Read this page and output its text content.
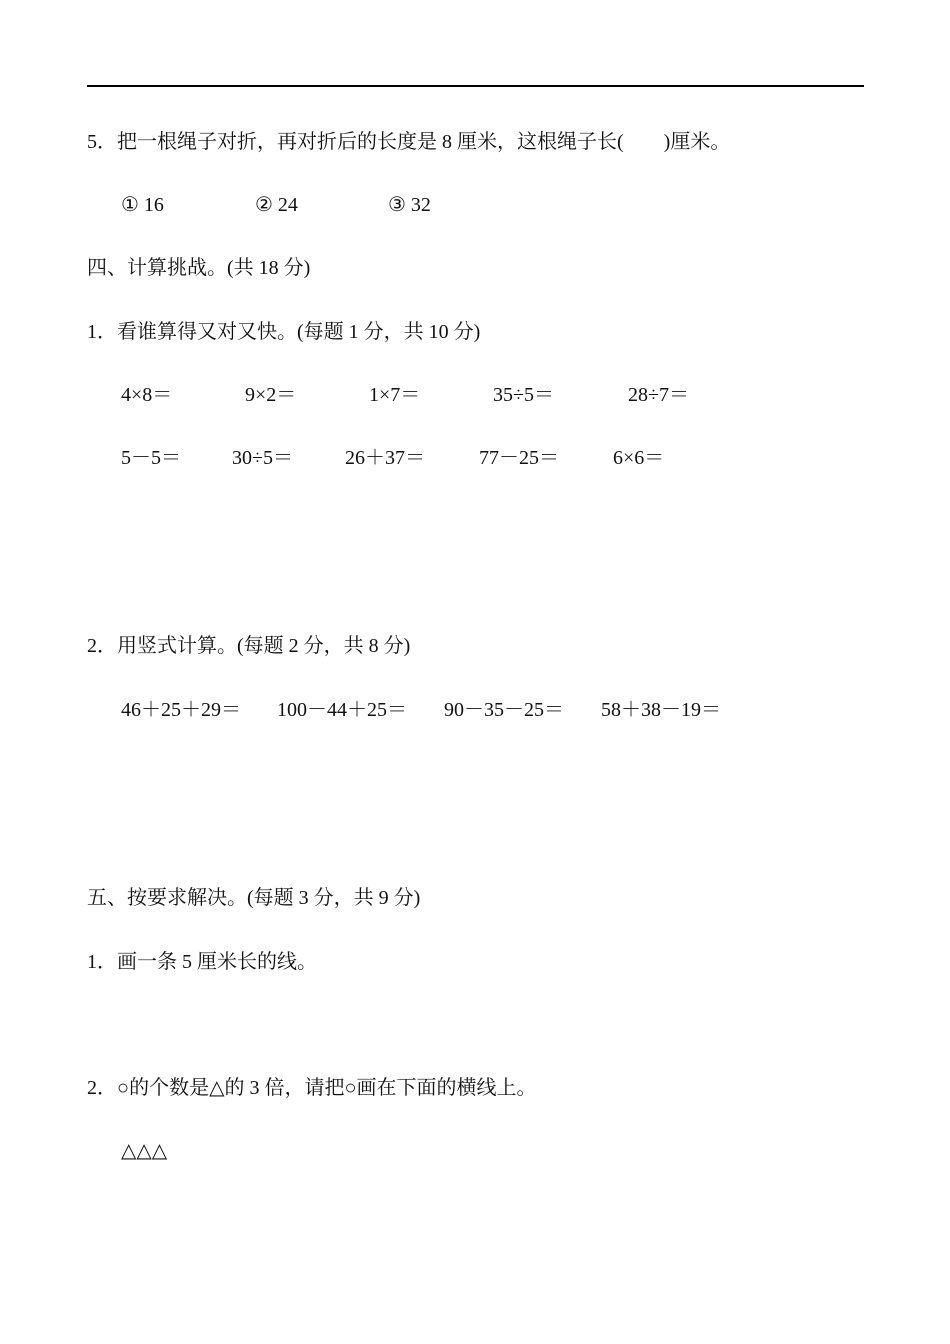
5．把一根绳子对折，再对折后的长度是 8 厘米，这根绳子长(　　)厘米。
① 16	② 24	③ 32
四、计算挑战。(共 18 分)
1．看谁算得又对又快。(每题 1 分，共 10 分)
4×8＝	9×2＝	1×7＝	35÷5＝	28÷7＝
5－5＝	30÷5＝	26＋37＝	77－25＝	6×6＝
2．用竖式计算。(每题 2 分，共 8 分)
46＋25＋29＝ 100－44＋25＝ 90－35－25＝ 58＋38－19＝
五、按要求解决。(每题 3 分，共 9 分)
1．画一条 5 厘米长的线。
2．○的个数是△的 3 倍，请把○画在下面的横线上。
△△△
